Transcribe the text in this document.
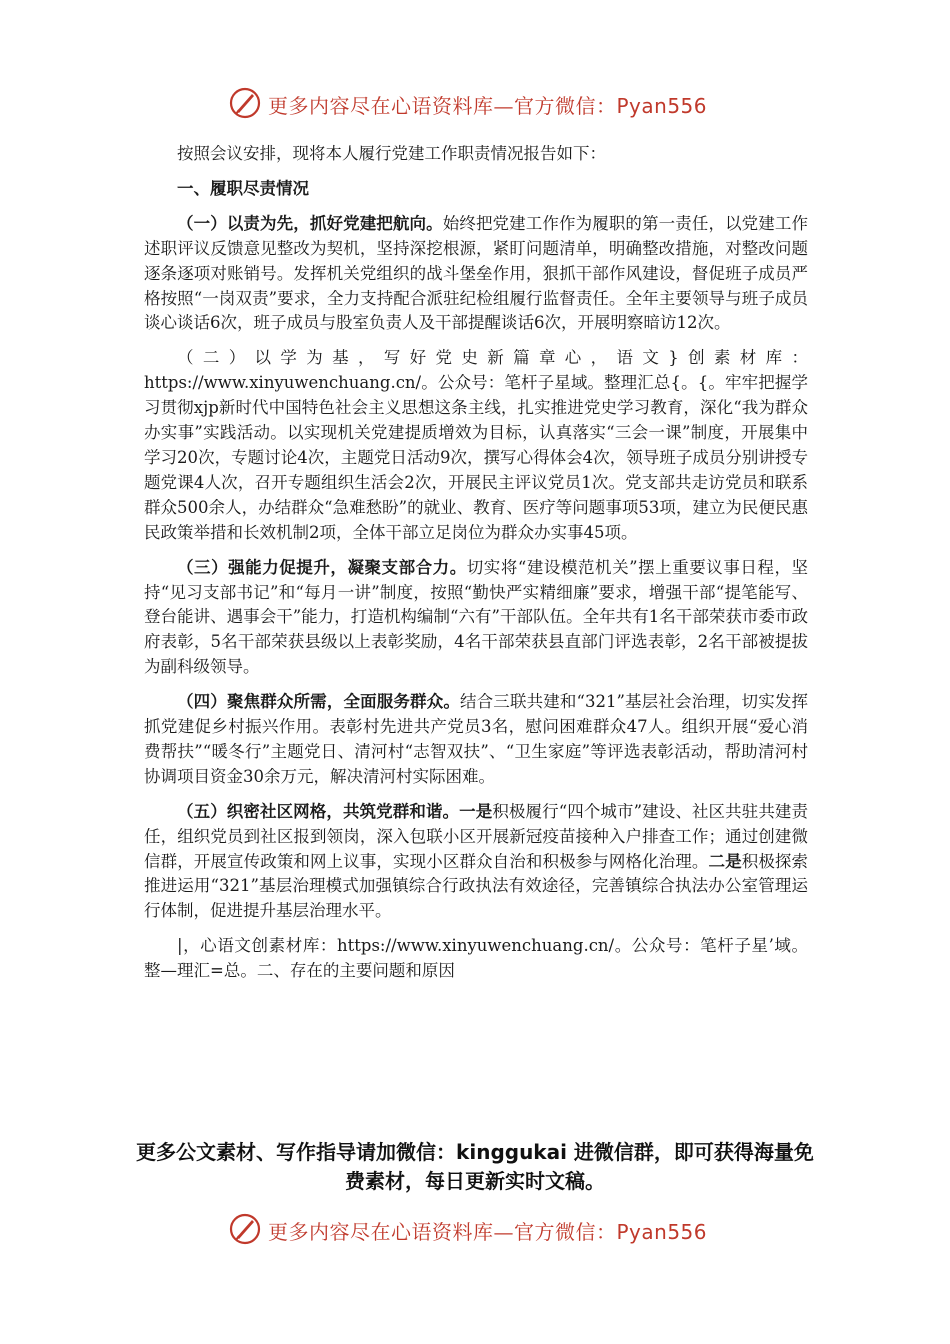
更多内容尽在心语资料库—官方微信：Pyan556

按照会议安排，现将本人履行党建工作职责情况报告如下：

一、履职尽责情况

（一）以责为先，抓好党建把航向。始终把党建工作作为履职的第一责任，以党建工作述职评议反馈意见整改为契机，坚持深挖根源，紧盯问题清单，明确整改措施，对整改问题逐条逐项对账销号。发挥机关党组织的战斗堡垒作用，狠抓干部作风建设，督促班子成员严格按照“一岗双责”要求，全力支持配合派驻纪检组履行监督责任。全年主要领导与班子成员谈心谈话6次，班子成员与股室负责人及干部提醒谈话6次，开展明察暗访12次。

（二）以学为基，写好党史新篇章心，语文}创素材库：https://www.xinyuwenchuang.cn/。公众号：笔杆子星域。整理汇总{。{。牢牢把握学习贯彻xjp新时代中国特色社会主义思想这条主线，扎实推进党史学习教育，深化“我为群众办实事”实践活动。以实现机关党建提质增效为目标，认真落实“三会一课”制度，开展集中学习20次，专题讨论4次，主题党日活动9次，撰写心得体会4次，领导班子成员分别讲授专题党课4人次，召开专题组织生活会2次，开展民主评议党员1次。党支部共走访党员和联系群众500余人，办结群众“急难愁盼”的就业、教育、医疗等问题事项53项，建立为民便民惠民政策举措和长效机制2项，全体干部立足岗位为群众办实事45项。

（三）强能力促提升，凝聚支部合力。切实将“建设模范机关”摆上重要议事日程，坚持“见习支部书记”和“每月一讲”制度，按照“勤快严实精细廉”要求，增强干部“提笔能写、登台能讲、遇事会干”能力，打造机构编制“六有”干部队伍。全年共有1名干部荣获市委市政府表彰，5名干部荣获县级以上表彰奖励，4名干部荣获县直部门评选表彰，2名干部被提拔为副科级领导。

（四）聚焦群众所需，全面服务群众。结合三联共建和“321”基层社会治理，切实发挥抓党建促乡村振兴作用。表彰村先进共产党员3名，慰问困难群众47人。组织开展“爱心消费帮扶”“暖冬行”主题党日、清河村“志智双扶”、“卫生家庭”等评选表彰活动，帮助清河村协调项目资金30余万元，解决清河村实际困难。

（五）织密社区网格，共筑党群和谐。一是积极履行“四个城市”建设、社区共驻共建责任，组织党员到社区报到领岗，深入包联小区开展新冠疫苗接种入户排查工作；通过创建微信群，开展宣传政策和网上议事，实现小区群众自治和积极参与网格化治理。二是积极探索推进运用“321”基层治理模式加强镇综合行政执法有效途径，完善镇综合执法办公室管理运行体制，促进提升基层治理水平。

|，心语文创素材库：https://www.xinyuwenchuang.cn/。公众号：笔杆子星’域。整—理汇=总。二、存在的主要问题和原因

更多公文素材、写作指导请加微信：kinggukai 进微信群，即可获得海量免费素材，每日更新实时文稿。
更多内容尽在心语资料库—官方微信：Pyan556
